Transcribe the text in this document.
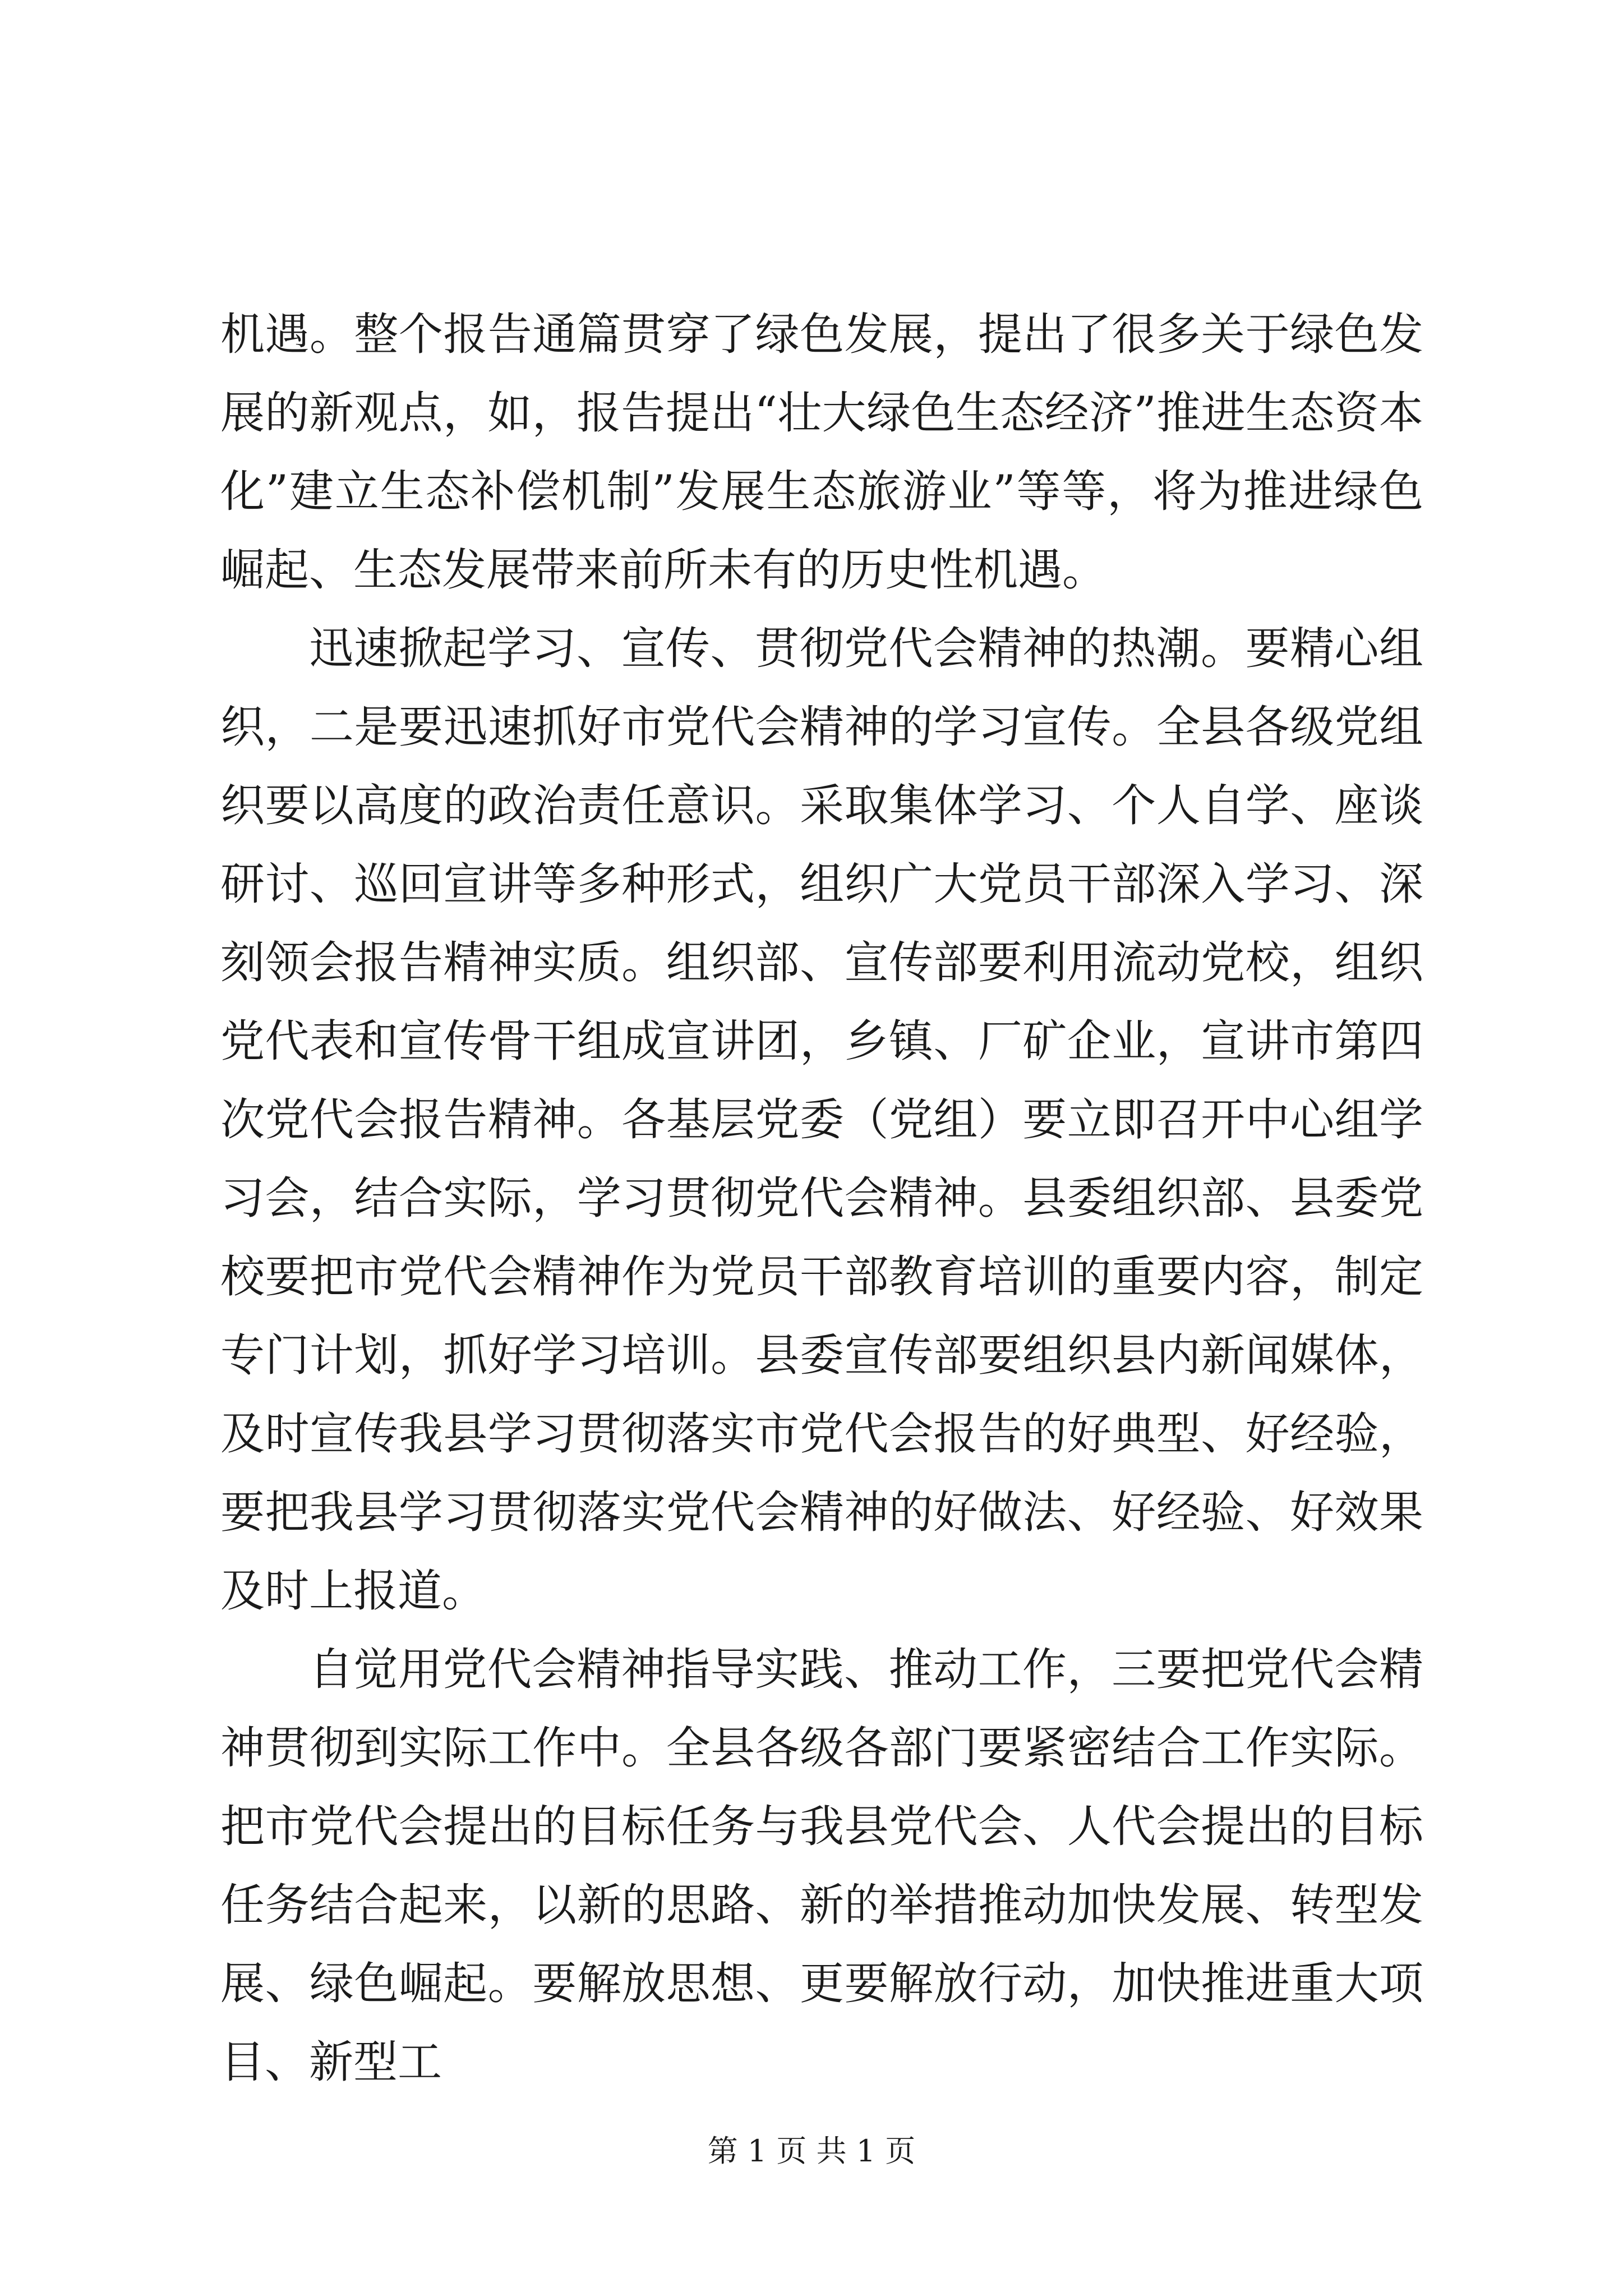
机遇。整个报告通篇贯穿了绿色发展，提出了很多关于绿色发展的新观点，如，报告提出“壮大绿色生态经济”推进生态资本化”建立生态补偿机制”发展生态旅游业”等等，将为推进绿色崛起、生态发展带来前所未有的历史性机遇。

迅速掀起学习、宣传、贯彻党代会精神的热潮。要精心组织，二是要迅速抓好市党代会精神的学习宣传。全县各级党组织要以高度的政治责任意识。采取集体学习、个人自学、座谈研讨、巡回宣讲等多种形式，组织广大党员干部深入学习、深刻领会报告精神实质。组织部、宣传部要利用流动党校，组织党代表和宣传骨干组成宣讲团，乡镇、厂矿企业，宣讲市第四次党代会报告精神。各基层党委（党组）要立即召开中心组学习会，结合实际，学习贯彻党代会精神。县委组织部、县委党校要把市党代会精神作为党员干部教育培训的重要内容，制定专门计划，抓好学习培训。县委宣传部要组织县内新闻媒体，及时宣传我县学习贯彻落实市党代会报告的好典型、好经验，要把我县学习贯彻落实党代会精神的好做法、好经验、好效果及时上报道。

自觉用党代会精神指导实践、推动工作，三要把党代会精神贯彻到实际工作中。全县各级各部门要紧密结合工作实际。把市党代会提出的目标任务与我县党代会、人代会提出的目标任务结合起来，以新的思路、新的举措推动加快发展、转型发展、绿色崛起。要解放思想、更要解放行动，加快推进重大项目、新型工

第 1 页 共 1 页
